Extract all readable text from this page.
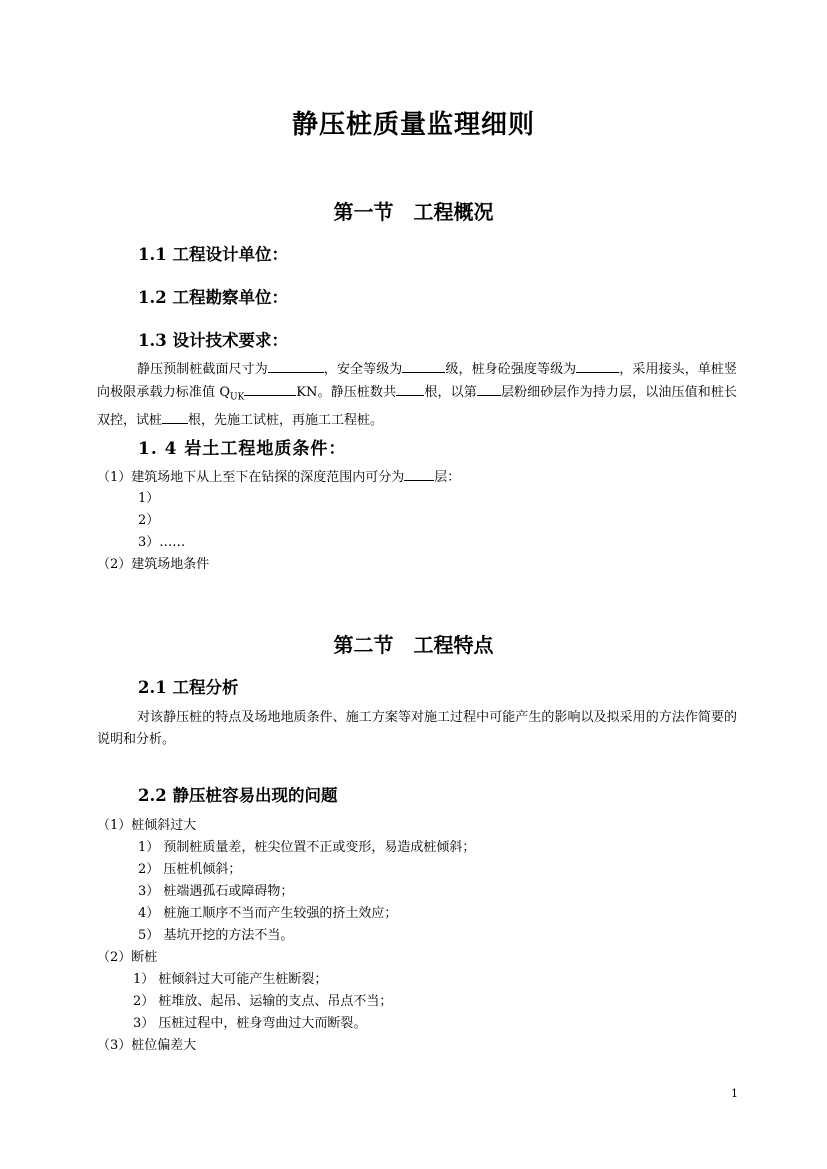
静压桩质量监理细则
第一节　工程概况
1.1 工程设计单位：
1.2 工程勘察单位：
1.3 设计技术要求：
静压预制桩截面尺寸为	，安全等级为	级，桩身砼强度等级为	，采用接头，单桩竖向极限承载力标准值 $Q_{UK}$	KN。静压桩数共 根，以第 层粉细砂层作为持力层，以油压值和桩长双控，试桩 根，先施工试桩，再施工工程桩。
1. 4 岩土工程地质条件：
（1）建筑场地下从上至下在钻探的深度范围内可分为 层：
1）
2）
3）……
（2）建筑场地条件
第二节　工程特点
2.1 工程分析
对该静压桩的特点及场地地质条件、施工方案等对施工过程中可能产生的影响以及拟采用的方法作简要的说明和分析。
2.2 静压桩容易出现的问题
（1）桩倾斜过大
1） 预制桩质量差，桩尖位置不正或变形，易造成桩倾斜；
2） 压桩机倾斜；
3） 桩端遇孤石或障碍物；
4） 桩施工顺序不当而产生较强的挤土效应；
5） 基坑开挖的方法不当。
（2）断桩
1） 桩倾斜过大可能产生桩断裂；
2） 桩堆放、起吊、运输的支点、吊点不当；
3） 压桩过程中，桩身弯曲过大而断裂。
（3）桩位偏差大
1
